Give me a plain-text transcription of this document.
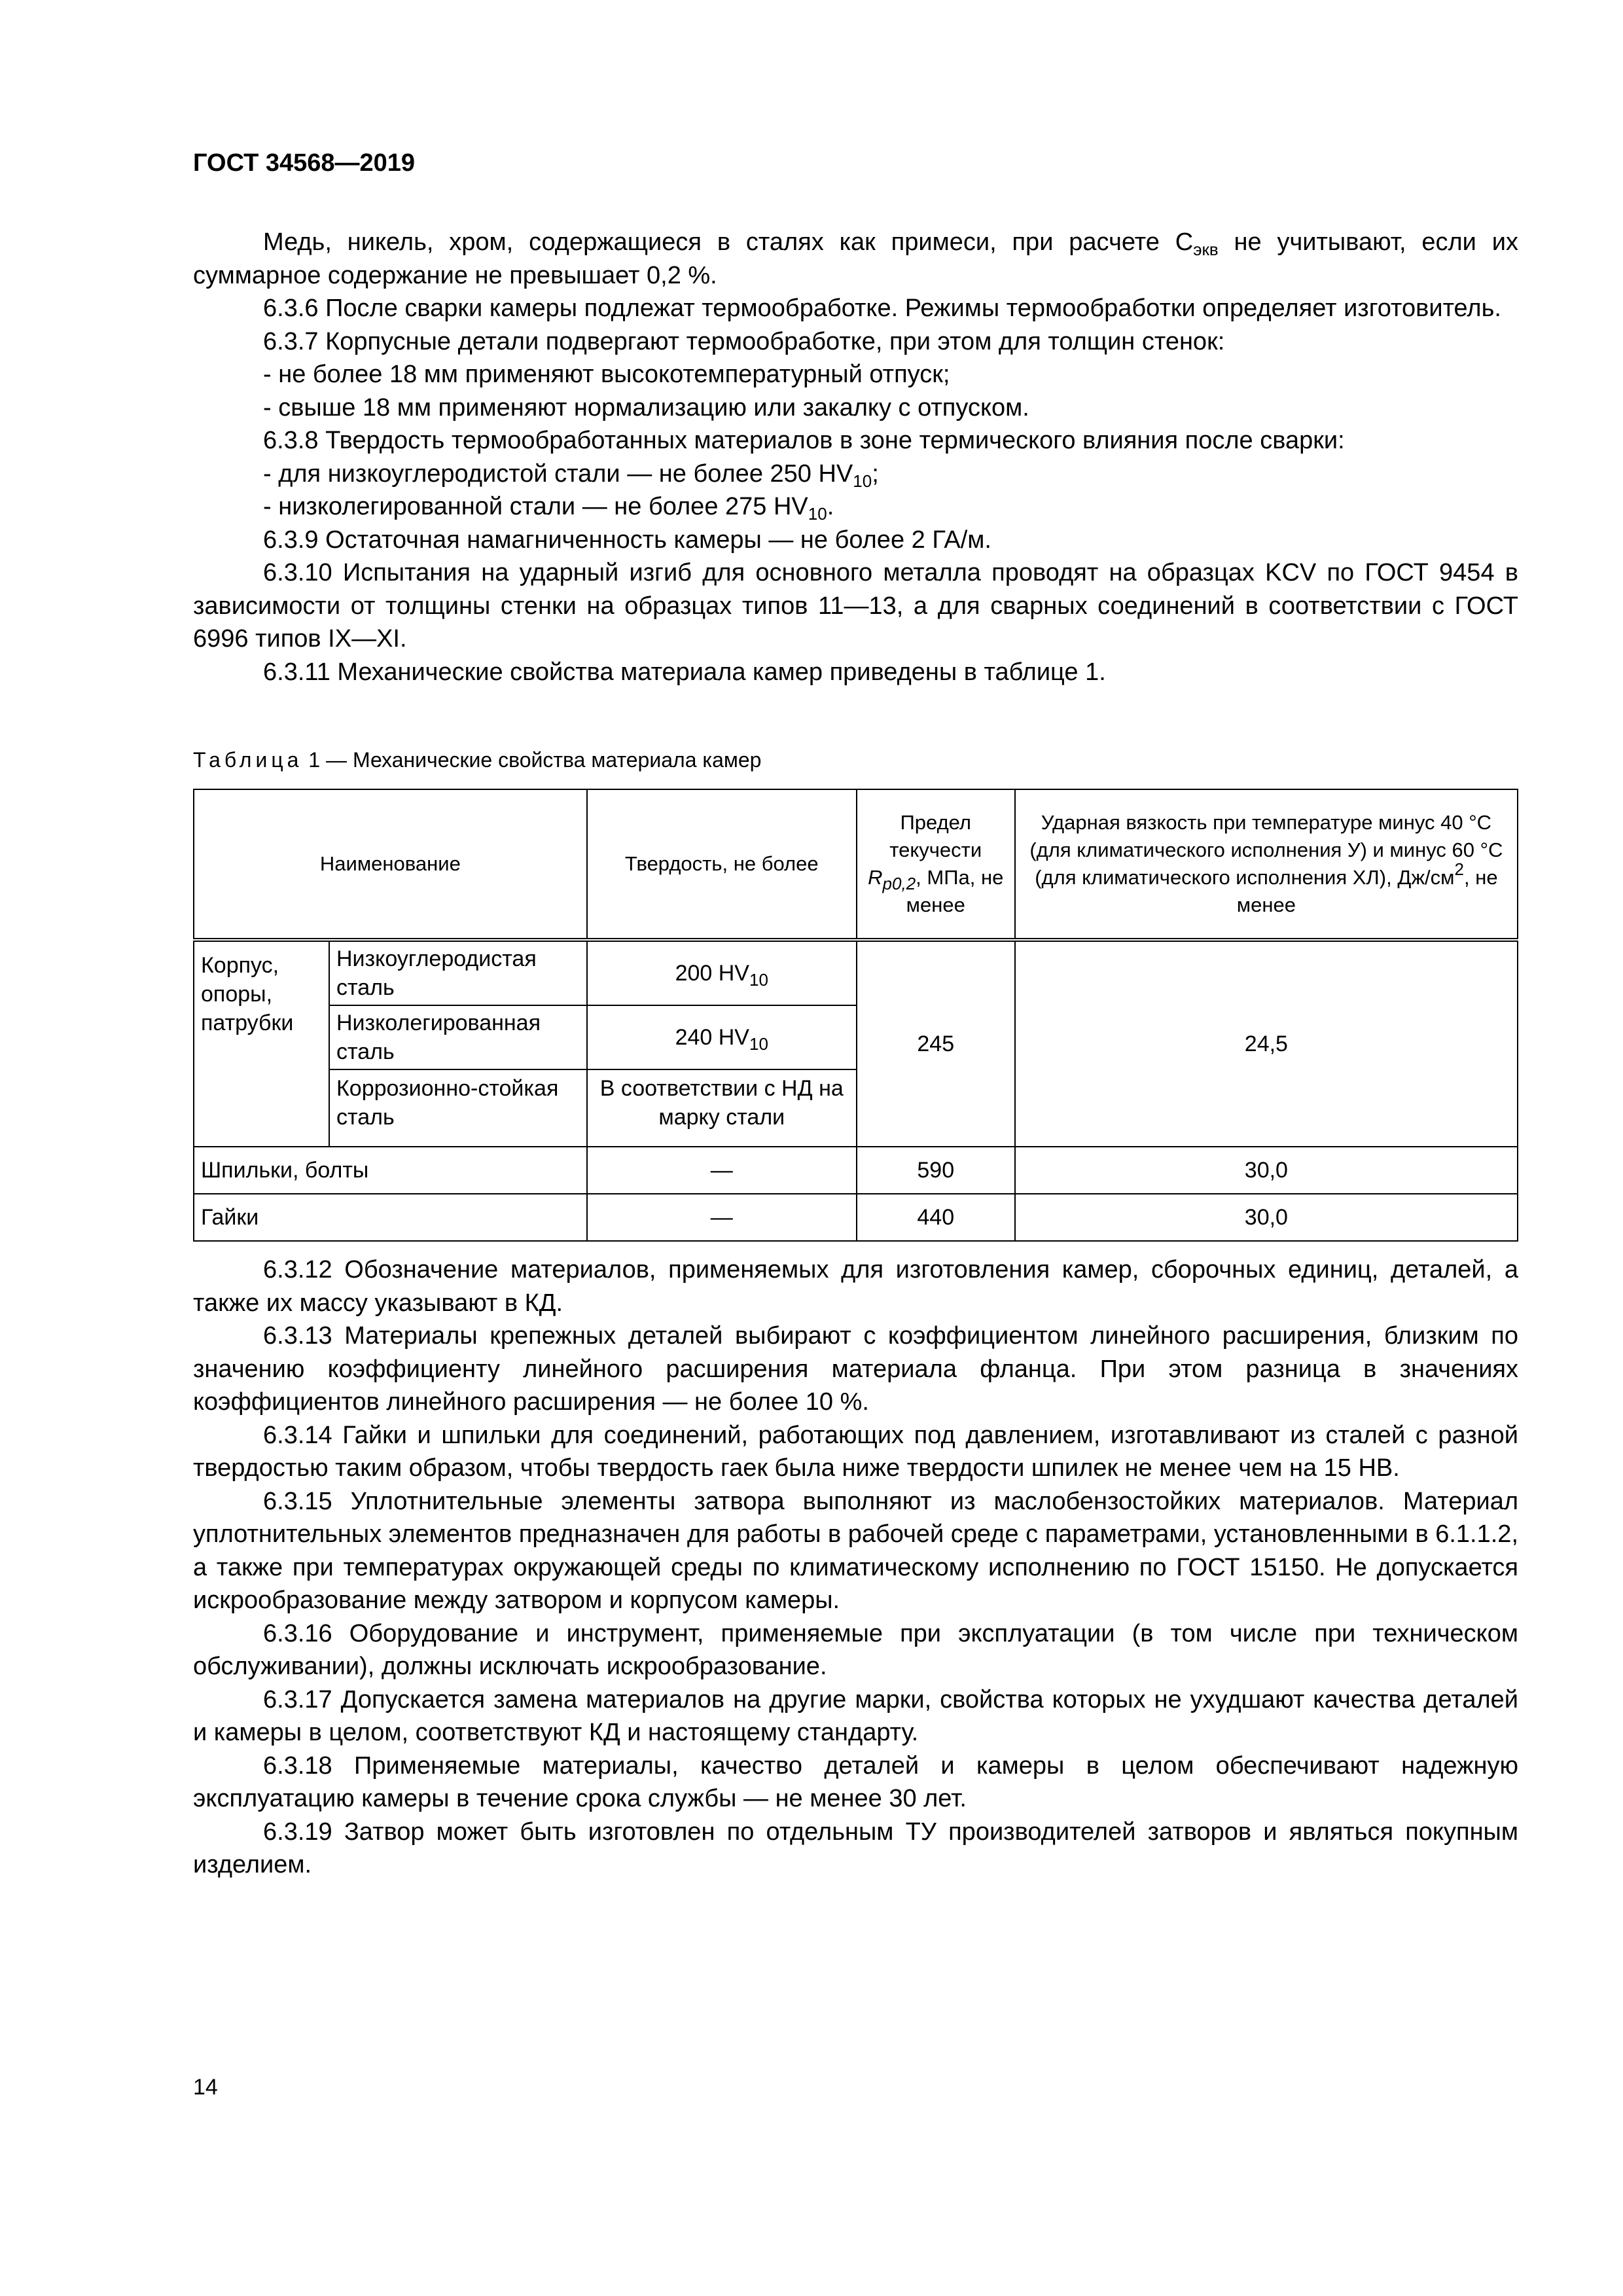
ГОСТ 34568—2019

Медь, никель, хром, содержащиеся в сталях как примеси, при расчете $С_{экв}$ не учитывают, если их суммарное содержание не превышает 0,2 %.

6.3.6 После сварки камеры подлежат термообработке. Режимы термообработки определяет изготовитель.

6.3.7 Корпусные детали подвергают термообработке, при этом для толщин стенок:

- не более 18 мм применяют высокотемпературный отпуск;

- свыше 18 мм применяют нормализацию или закалку с отпуском.

6.3.8 Твердость термообработанных материалов в зоне термического влияния после сварки:

- для низкоуглеродистой стали — не более 250 $HV_{10}$;

- низколегированной стали — не более 275 $HV_{10}$.

6.3.9 Остаточная намагниченность камеры — не более 2 ГА/м.

6.3.10 Испытания на ударный изгиб для основного металла проводят на образцах KCV по ГОСТ 9454 в зависимости от толщины стенки на образцах типов 11—13, а для сварных соединений в соответствии с ГОСТ 6996 типов IX—XI.

6.3.11 Механические свойства материала камер приведены в таблице 1.

Таблица 1 — Механические свойства материала камер
Наименование		Твердость, не более	Предел текучести $R_{p0,2}$, МПа, не менее	Ударная вязкость при температуре минус 40 °С (для климатического исполнения У) и минус 60 °С (для климатического исполнения ХЛ), $Дж/см^2$, не менее
Корпус, опоры, патрубки	Низкоуглеродистая сталь	200 $HV_{10}$	245	24,5
	Низколегированная сталь	240 $HV_{10}$
	Коррозионно-стойкая сталь	В соответствии с НД на марку стали		
Шпильки, болты		—	590	30,0
Гайки		—	440	30,0

6.3.12 Обозначение материалов, применяемых для изготовления камер, сборочных единиц, деталей, а также их массу указывают в КД.

6.3.13 Материалы крепежных деталей выбирают с коэффициентом линейного расширения, близким по значению коэффициенту линейного расширения материала фланца. При этом разница в значениях коэффициентов линейного расширения — не более 10 %.

6.3.14 Гайки и шпильки для соединений, работающих под давлением, изготавливают из сталей с разной твердостью таким образом, чтобы твердость гаек была ниже твердости шпилек не менее чем на 15 НВ.

6.3.15 Уплотнительные элементы затвора выполняют из маслобензостойких материалов. Материал уплотнительных элементов предназначен для работы в рабочей среде с параметрами, установленными в 6.1.1.2, а также при температурах окружающей среды по климатическому исполнению по ГОСТ 15150. Не допускается искрообразование между затвором и корпусом камеры.

6.3.16 Оборудование и инструмент, применяемые при эксплуатации (в том числе при техническом обслуживании), должны исключать искрообразование.

6.3.17 Допускается замена материалов на другие марки, свойства которых не ухудшают качества деталей и камеры в целом, соответствуют КД и настоящему стандарту.

6.3.18 Применяемые материалы, качество деталей и камеры в целом обеспечивают надежную эксплуатацию камеры в течение срока службы — не менее 30 лет.

6.3.19 Затвор может быть изготовлен по отдельным ТУ производителей затворов и являться покупным изделием.

14
